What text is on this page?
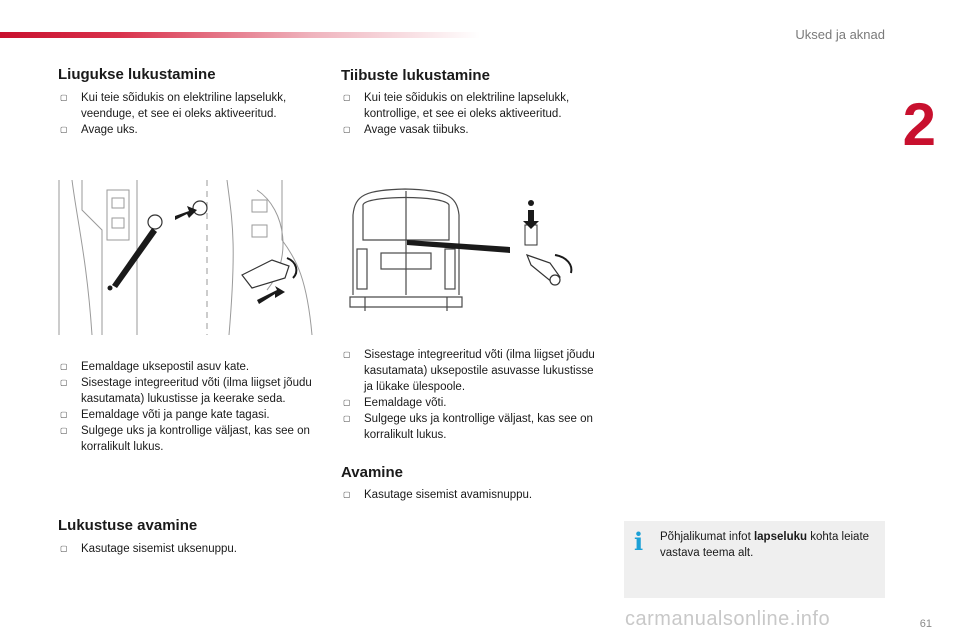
Uksed ja aknad
2
Liugukse lukustamine
▢ Kui teie sõidukis on elektriline lapselukk, veenduge, et see ei oleks aktiveeritud.
▢ Avage uks.
▢ Eemaldage uksepostil asuv kate.
▢ Sisestage integreeritud võti (ilma liigset jõudu kasutamata) lukustisse ja keerake seda.
▢ Eemaldage võti ja pange kate tagasi.
▢ Sulgege uks ja kontrollige väljast, kas see on korralikult lukus.
Lukustuse avamine
▢ Kasutage sisemist uksenuppu.
Tiibuste lukustamine
▢ Kui teie sõidukis on elektriline lapselukk, kontrollige, et see ei oleks aktiveeritud.
▢ Avage vasak tiibuks.
▢ Sisestage integreeritud võti (ilma liigset jõudu kasutamata) uksepostile asuvasse lukustisse ja lükake ülespoole.
▢ Eemaldage võti.
▢ Sulgege uks ja kontrollige väljast, kas see on korralikult lukus.
Avamine
▢ Kasutage sisemist avamisnuppu.
i Põhjalikumat infot lapseluku kohta leiate vastava teema alt.
carmanualsonline.info	61
